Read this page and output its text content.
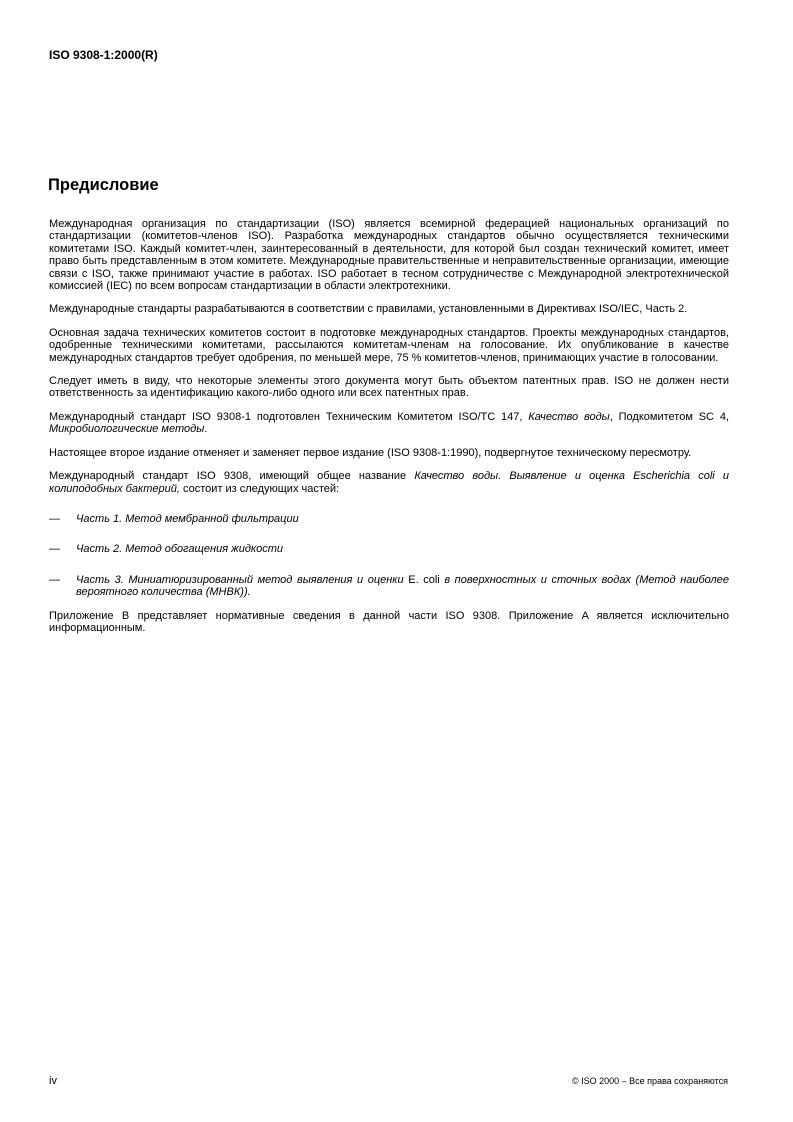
ISO 9308-1:2000(R)
Предисловие

Международная организация по стандартизации (ISO) является всемирной федерацией национальных организаций по стандартизации (комитетов-членов ISO). Разработка международных стандартов обычно осуществляется техническими комитетами ISO. Каждый комитет-член, заинтересованный в деятельности, для которой был создан технический комитет, имеет право быть представленным в этом комитете. Международные правительственные и неправительственные организации, имеющие связи с ISO, также принимают участие в работах. ISO работает в тесном сотрудничестве с Международной электротехнической комиссией (IEC) по всем вопросам стандартизации в области электротехники.

Международные стандарты разрабатываются в соответствии с правилами, установленными в Директивах ISO/IEC, Часть 2.

Основная задача технических комитетов состоит в подготовке международных стандартов. Проекты международных стандартов, одобренные техническими комитетами, рассылаются комитетам-членам на голосование. Их опубликование в качестве международных стандартов требует одобрения, по меньшей мере, 75 % комитетов-членов, принимающих участие в голосовании.

Следует иметь в виду, что некоторые элементы этого документа могут быть объектом патентных прав. ISO не должен нести ответственность за идентификацию какого-либо одного или всех патентных прав.

Международный стандарт ISO 9308-1 подготовлен Техническим Комитетом ISO/TC 147, Качество воды, Подкомитетом SC 4, Микробиологические методы.

Настоящее второе издание отменяет и заменяет первое издание (ISO 9308-1:1990), подвергнутое техническому пересмотру.

Международный стандарт ISO 9308, имеющий общее название Качество воды. Выявление и оценка Escherichia coli и колиподобных бактерий, состоит из следующих частей:

—	Часть 1. Метод мембранной фильтрации
—	Часть 2. Метод обогащения жидкости
—	Часть 3. Миниатюризированный метод выявления и оценки E. coli в поверхностных и сточных водах (Метод наиболее вероятного количества (МНВК)).

Приложение B представляет нормативные сведения в данной части ISO 9308. Приложение A является исключительно информационным.

iv	© ISO 2000 – Все права сохраняются
